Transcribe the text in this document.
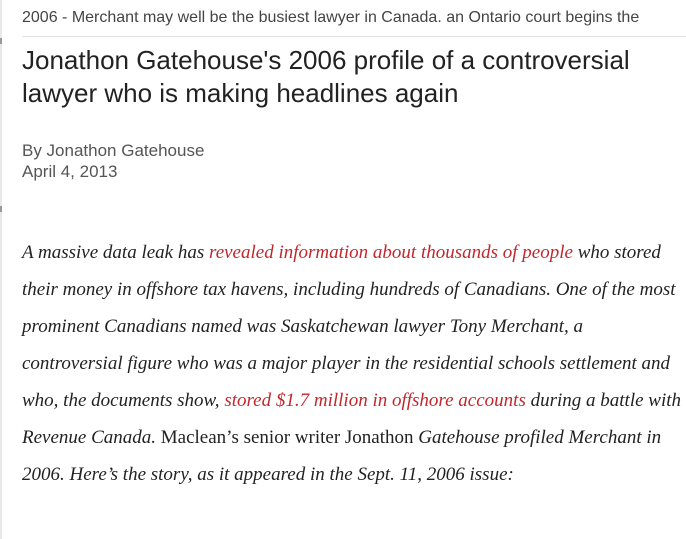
2006 - Merchant may well be the busiest lawyer in Canada. an Ontario court begins the
Jonathon Gatehouse's 2006 profile of a controversial lawyer who is making headlines again
By Jonathon Gatehouse
April 4, 2013

A massive data leak has revealed information about thousands of people who stored their money in offshore tax havens, including hundreds of Canadians. One of the most prominent Canadians named was Saskatchewan lawyer Tony Merchant, a controversial figure who was a major player in the residential schools settlement and who, the documents show, stored $1.7 million in offshore accounts during a battle with Revenue Canada. Maclean’s senior writer Jonathon Gatehouse profiled Merchant in 2006. Here’s the story, as it appeared in the Sept. 11, 2006 issue:
